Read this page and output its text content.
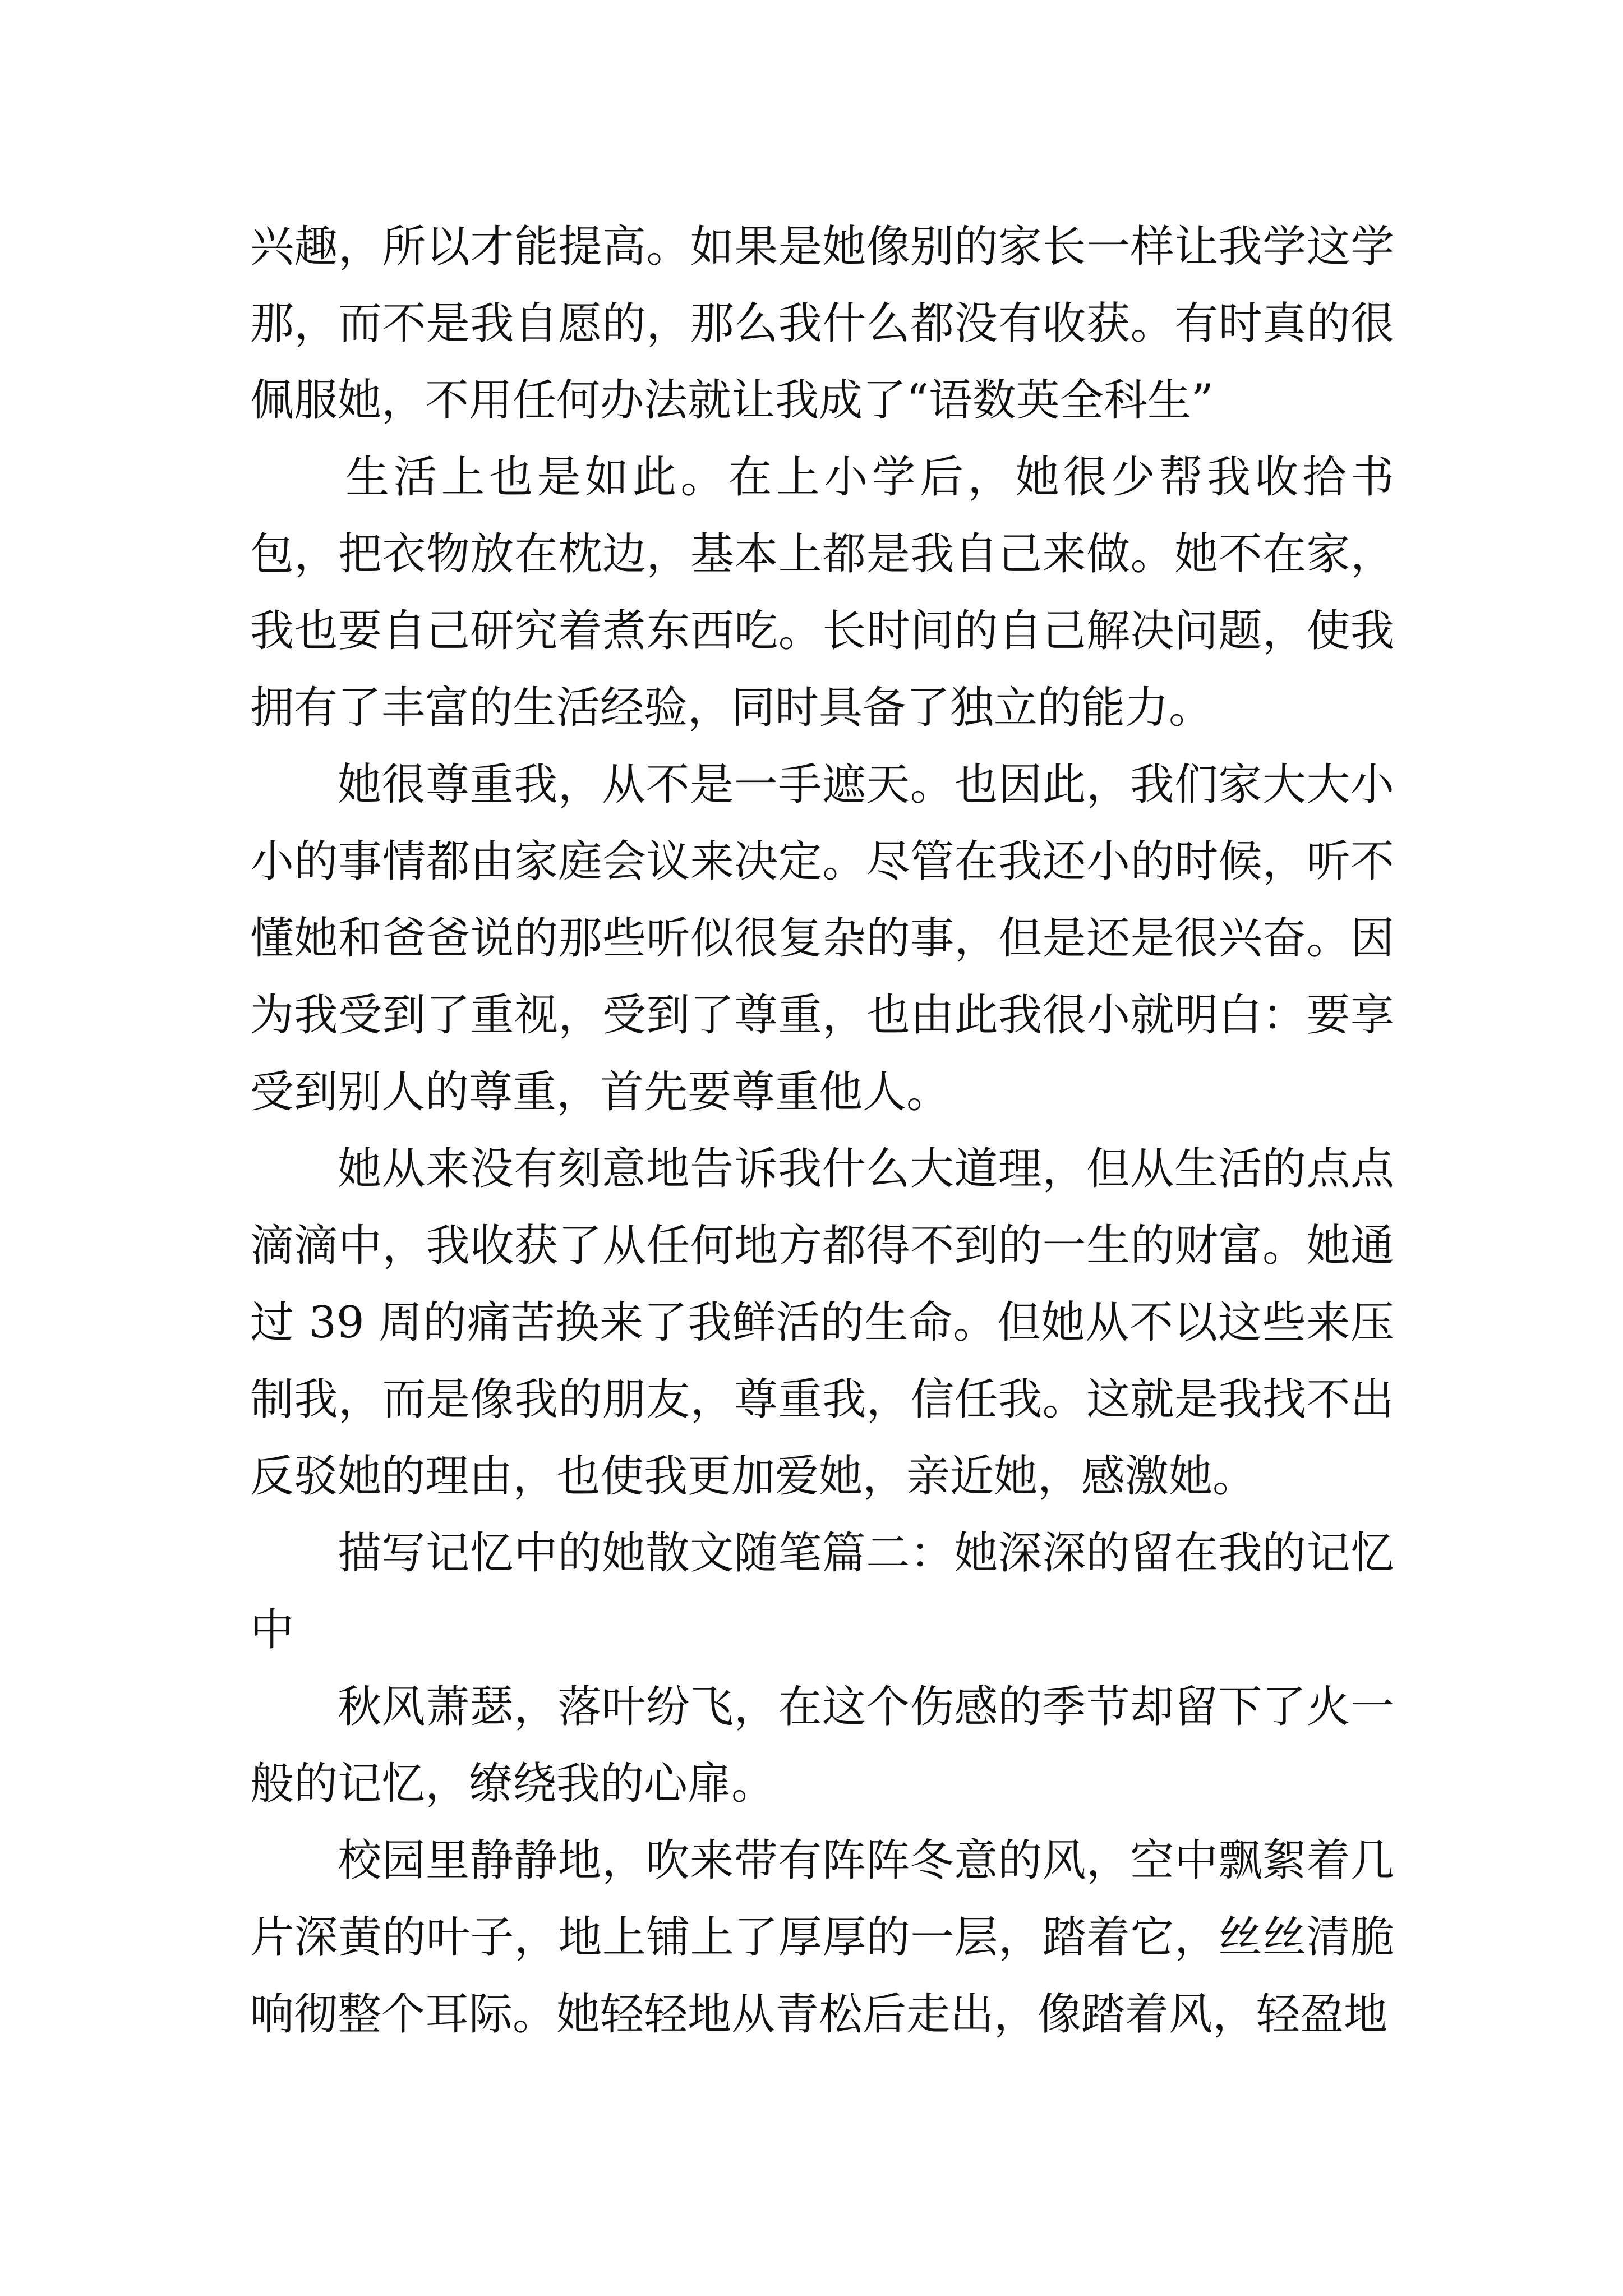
兴趣，所以才能提高。如果是她像别的家长一样让我学这学那，而不是我自愿的，那么我什么都没有收获。有时真的很佩服她，不用任何办法就让我成了“语数英全科生”

生活上也是如此。在上小学后，她很少帮我收拾书包，把衣物放在枕边，基本上都是我自己来做。她不在家，我也要自己研究着煮东西吃。长时间的自己解决问题，使我拥有了丰富的生活经验，同时具备了独立的能力。

她很尊重我，从不是一手遮天。也因此，我们家大大小小的事情都由家庭会议来决定。尽管在我还小的时候，听不懂她和爸爸说的那些听似很复杂的事，但是还是很兴奋。因为我受到了重视，受到了尊重，也由此我很小就明白：要享受到别人的尊重，首先要尊重他人。

她从来没有刻意地告诉我什么大道理，但从生活的点点滴滴中，我收获了从任何地方都得不到的一生的财富。她通过 39 周的痛苦换来了我鲜活的生命。但她从不以这些来压制我，而是像我的朋友，尊重我，信任我。这就是我找不出反驳她的理由，也使我更加爱她，亲近她，感激她。

描写记忆中的她散文随笔篇二：她深深的留在我的记忆中

秋风萧瑟，落叶纷飞，在这个伤感的季节却留下了火一般的记忆，缭绕我的心扉。

校园里静静地，吹来带有阵阵冬意的风，空中飘絮着几片深黄的叶子，地上铺上了厚厚的一层，踏着它，丝丝清脆响彻整个耳际。她轻轻地从青松后走出，像踏着风，轻盈地
